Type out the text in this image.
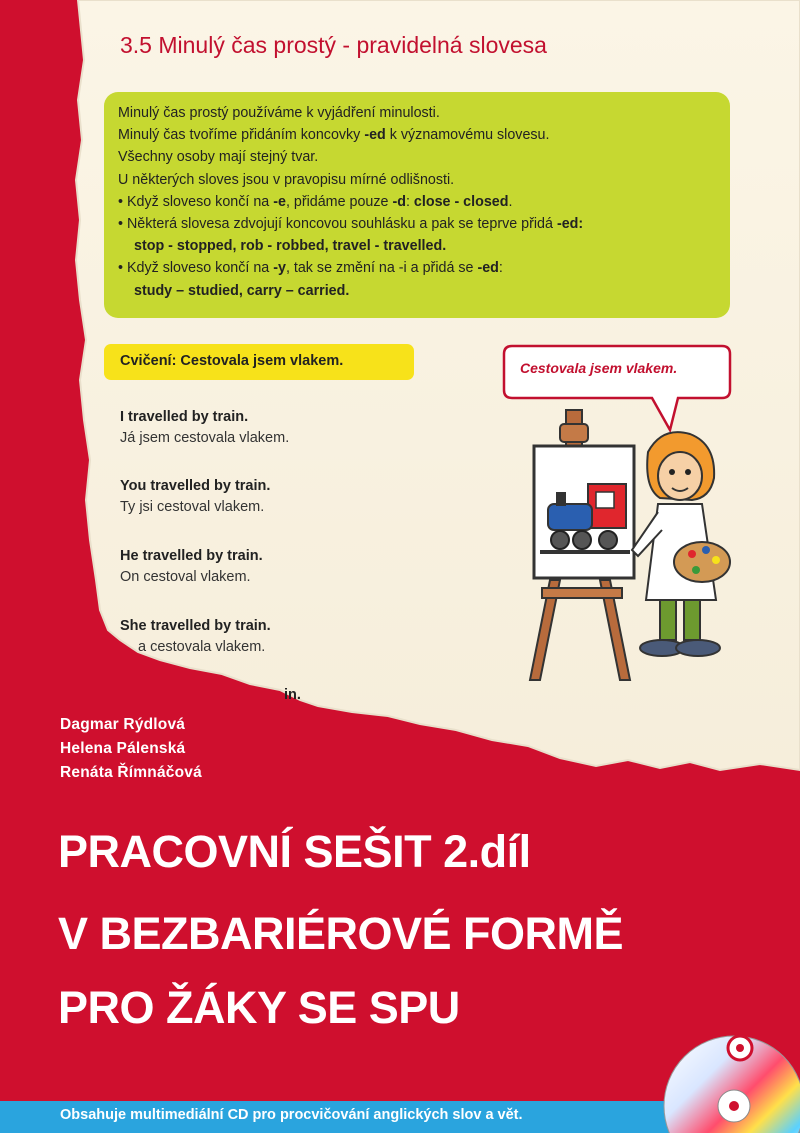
3.5 Minulý čas prostý - pravidelná slovesa
Minulý čas prostý používáme k vyjádření minulosti.
Minulý čas tvoříme přidáním koncovky -ed k významovému slovesu.
Všechny osoby mají stejný tvar.
U některých sloves jsou v pravopisu mírné odlišnosti.
• Když sloveso končí na -e, přidáme pouze -d: close - closed.
• Některá slovesa zdvojují koncovou souhlásku a pak se teprve přidá -ed:
stop - stopped, rob - robbed, travel - travelled.
• Když sloveso končí na -y, tak se změní na -i a přidá se -ed:
study – studied, carry – carried.
Cvičení: Cestovala jsem vlakem.
I travelled by train.
Já jsem cestovala vlakem.
You travelled by train.
Ty jsi cestoval vlakem.
He travelled by train.
On cestoval vlakem.
She travelled by train.
a cestovala vlakem.
in.
Cestovala jsem vlakem.
Dagmar Rýdlová
Helena Pálenská
Renáta Římnáčová
PRACOVNÍ SEŠIT 2.díl
V BEZBARIÉROVÉ FORMĚ
PRO ŽÁKY SE SPU
Obsahuje multimediální CD pro procvičování anglických slov a vět.
